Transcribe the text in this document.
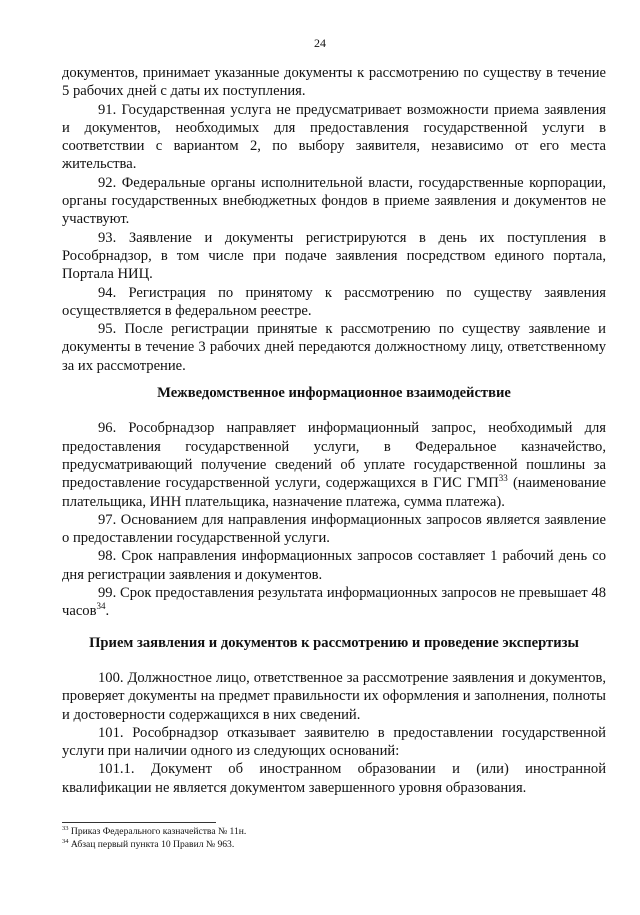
24

документов, принимает указанные документы к рассмотрению по существу в течение 5 рабочих дней с даты их поступления.

91. Государственная услуга не предусматривает возможности приема заявления и документов, необходимых для предоставления государственной услуги в соответствии с вариантом 2, по выбору заявителя, независимо от его места жительства.

92. Федеральные органы исполнительной власти, государственные корпорации, органы государственных внебюджетных фондов в приеме заявления и документов не участвуют.

93. Заявление и документы регистрируются в день их поступления в Рособрнадзор, в том числе при подаче заявления посредством единого портала, Портала НИЦ.

94. Регистрация по принятому к рассмотрению по существу заявления осуществляется в федеральном реестре.

95. После регистрации принятые к рассмотрению по существу заявление и документы в течение 3 рабочих дней передаются должностному лицу, ответственному за их рассмотрение.

Межведомственное информационное взаимодействие

96. Рособрнадзор направляет информационный запрос, необходимый для предоставления государственной услуги, в Федеральное казначейство, предусматривающий получение сведений об уплате государственной пошлины за предоставление государственной услуги, содержащихся в ГИС ГМП$^{33}$ (наименование плательщика, ИНН плательщика, назначение платежа, сумма платежа).

97. Основанием для направления информационных запросов является заявление о предоставлении государственной услуги.

98. Срок направления информационных запросов составляет 1 рабочий день со дня регистрации заявления и документов.

99. Срок предоставления результата информационных запросов не превышает 48 часов$^{34}$.

Прием заявления и документов к рассмотрению и проведение экспертизы

100. Должностное лицо, ответственное за рассмотрение заявления и документов, проверяет документы на предмет правильности их оформления и заполнения, полноты и достоверности содержащихся в них сведений.

101. Рособрнадзор отказывает заявителю в предоставлении государственной услуги при наличии одного из следующих оснований:

101.1. Документ об иностранном образовании и (или) иностранной квалификации не является документом завершенного уровня образования.

$^{33}$ Приказ Федерального казначейства № 11н.
$^{34}$ Абзац первый пункта 10 Правил № 963.
